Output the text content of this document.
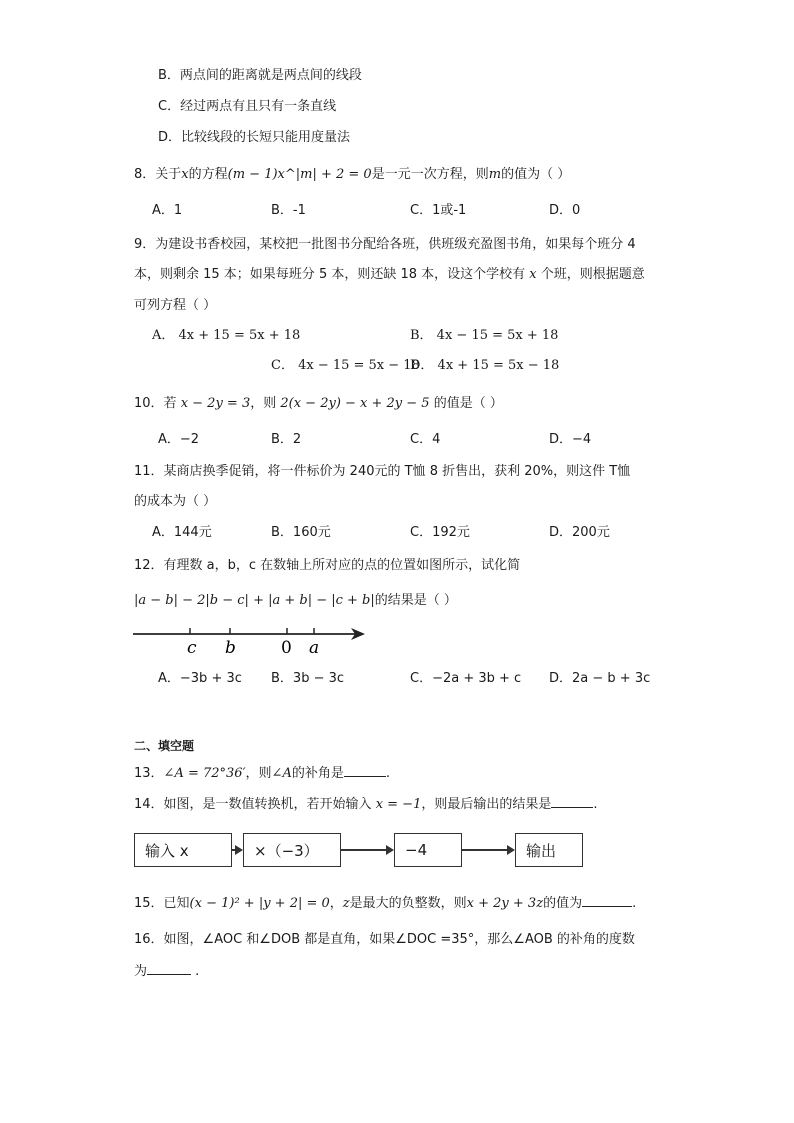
B．两点间的距离就是两点间的线段
C．经过两点有且只有一条直线
D．比较线段的长短只能用度量法
8．关于x的方程(m − 1)x^|m| + 2 = 0是一元一次方程，则m的值为（ ）
A．1	B．-1	C．1或-1	D．0
9．为建设书香校园，某校把一批图书分配给各班，供班级充盈图书角，如果每个班分 4
本，则剩余 15 本；如果每班分 5 本，则还缺 18 本，设这个学校有 x 个班，则根据题意
可列方程（ ）
A． 4x + 15 = 5x + 18	B． 4x − 15 = 5x + 18
C． 4x − 15 = 5x − 18
D． 4x + 15 = 5x − 18
10．若 x − 2y = 3，则 2(x − 2y) − x + 2y − 5 的值是（ ）
A．−2	B．2	C．4	D．−4
11．某商店换季促销，将一件标价为 240元的 T恤 8 折售出，获利 20%，则这件 T恤
的成本为（ ）
A．144元	B．160元	C．192元	D．200元
12．有理数 a，b，c 在数轴上所对应的点的位置如图所示，试化简
|a − b| − 2|b − c| + |a + b| − |c + b|的结果是（ ）
c b	0 a
A．−3b + 3c B．3b − 3c	C．−2a + 3b + c D．2a − b + 3c
二、填空题
13．∠A = 72°36′，则∠A的补角是	.
14．如图，是一数值转换机，若开始输入 x = −1，则最后输出的结果是	.
输入 x	×（−3）	−4	输出
15．已知(x − 1)² + |y + 2| = 0，z是最大的负整数，则x + 2y + 3z的值为	.
16．如图，∠AOC 和∠DOB 都是直角，如果∠DOC =35°，那么∠AOB 的补角的度数
为	.
